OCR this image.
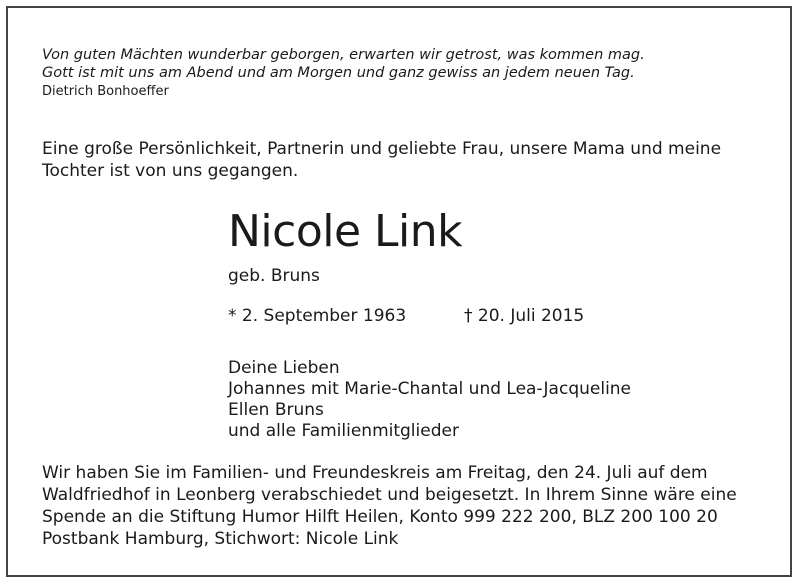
Von guten Mächten wunderbar geborgen, erwarten wir getrost, was kommen mag.
Gott ist mit uns am Abend und am Morgen und ganz gewiss an jedem neuen Tag.
Dietrich Bonhoeffer
Eine große Persönlichkeit, Partnerin und geliebte Frau, unsere Mama und meine
Tochter ist von uns gegangen.
Nicole Link
geb. Bruns
* 2. September 1963	† 20. Juli 2015
Deine Lieben
Johannes mit Marie-Chantal und Lea-Jacqueline
Ellen Bruns
und alle Familienmitglieder
Wir haben Sie im Familien- und Freundeskreis am Freitag, den 24. Juli auf dem
Waldfriedhof in Leonberg verabschiedet und beigesetzt. In Ihrem Sinne wäre eine
Spende an die Stiftung Humor Hilft Heilen, Konto 999 222 200, BLZ 200 100 20
Postbank Hamburg, Stichwort: Nicole Link
